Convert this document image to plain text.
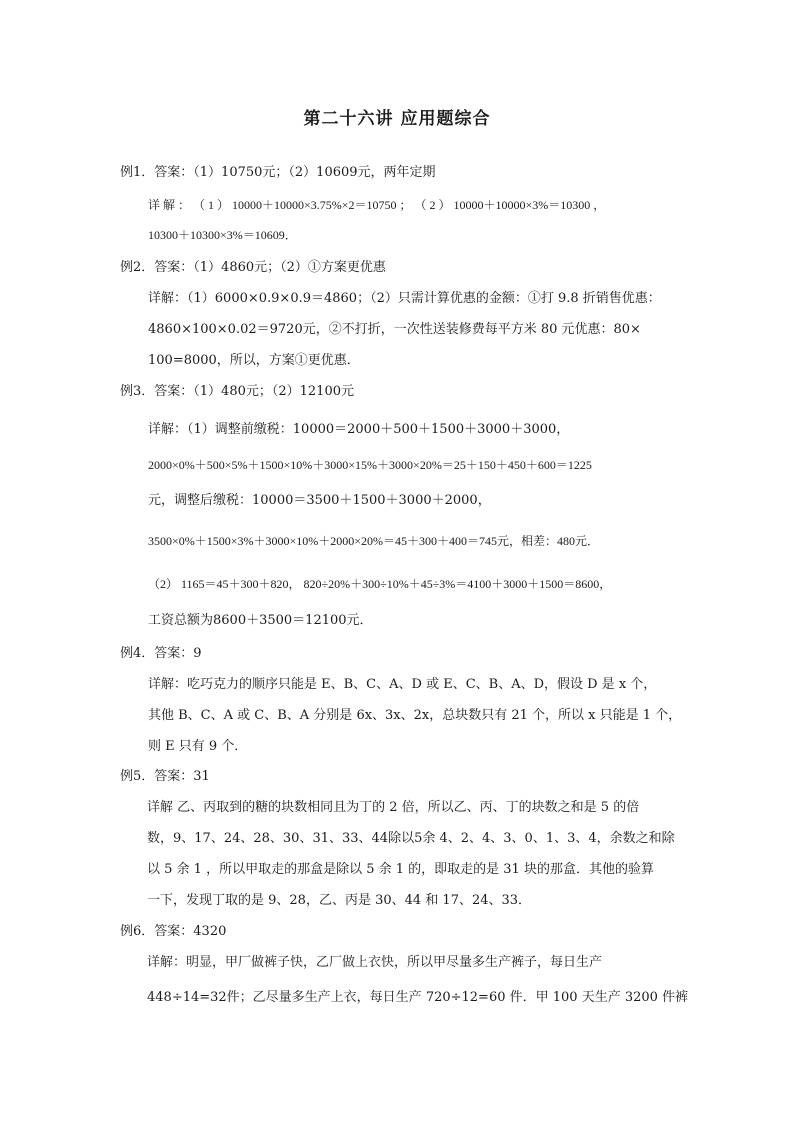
第二十六讲 应用题综合
例1．答案：（1）10750元；（2）10609元，两年定期
详 解 ： （ 1 ） 10000＋10000×3.75%×2＝10750 ； （ 2 ） 10000＋10000×3%＝10300 ，
10300＋10300×3%＝10609．
例2．答案：（1）4860元；（2）①方案更优惠
详解：（1）6000×0.9×0.9＝4860；（2）只需计算优惠的金额：①打 9.8 折销售优惠：
4860×100×0.02＝9720元，②不打折，一次性送装修费每平方米 80 元优惠：80×
100=8000，所以，方案①更优惠．
例3．答案：（1）480元；（2）12100元
详解：（1）调整前缴税：10000＝2000＋500＋1500＋3000＋3000，
2000×0%＋500×5%＋1500×10%＋3000×15%＋3000×20%＝25＋150＋450＋600＝1225
元，调整后缴税：10000＝3500＋1500＋3000＋2000，
3500×0%＋1500×3%＋3000×10%＋2000×20%＝45＋300＋400＝745元，相差：480元．
（2） 1165＝45＋300＋820， 820÷20%＋300÷10%＋45÷3%＝4100＋3000＋1500＝8600，
工资总额为8600＋3500＝12100元．
例4．答案：9
详解：吃巧克力的顺序只能是 E、B、C、A、D 或 E、C、B、A、D，假设 D 是 x 个，
其他 B、C、A 或 C、B、A 分别是 6x、3x、2x，总块数只有 21 个，所以 x 只能是 1 个，
则 E 只有 9 个．
例5．答案：31
详解 乙、丙取到的糖的块数相同且为丁的 2 倍，所以乙、丙、丁的块数之和是 5 的倍
数，9、17、24、28、30、31、33、44除以5余 4、2、4、3、0、1、3、4，余数之和除
以 5 余 1 ，所以甲取走的那盒是除以 5 余 1 的，即取走的是 31 块的那盒．其他的验算
一下，发现丁取的是 9、28，乙、丙是 30、44 和 17、24、33．
例6．答案：4320
详解：明显，甲厂做裤子快，乙厂做上衣快，所以甲尽量多生产裤子，每日生产
448÷14=32件；乙尽量多生产上衣，每日生产 720÷12=60 件．甲 100 天生产 3200 件裤
